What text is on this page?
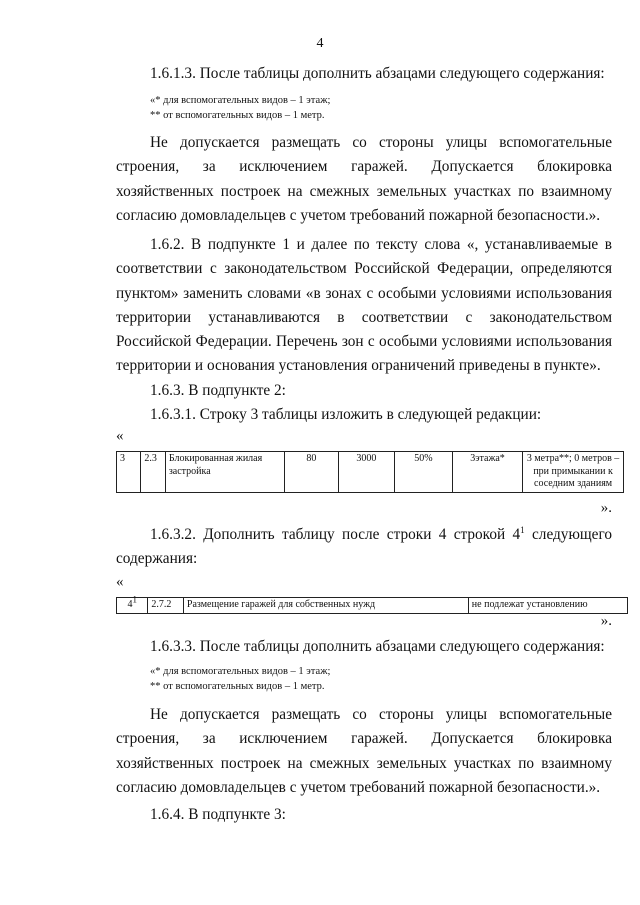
4

1.6.1.3. После таблицы дополнить абзацами следующего содержания:

«* для вспомогательных видов – 1 этаж;
** от вспомогательных видов – 1 метр.

Не допускается размещать со стороны улицы вспомогательные строения, за исключением гаражей. Допускается блокировка хозяйственных построек на смежных земельных участках по взаимному согласию домовладельцев с учетом требований пожарной безопасности.».

1.6.2. В подпункте 1 и далее по тексту слова «, устанавливаемые в соответствии с законодательством Российской Федерации, определяются пунктом» заменить словами «в зонах с особыми условиями использования территории устанавливаются в соответствии с законодательством Российской Федерации. Перечень зон с особыми условиями использования территории и основания установления ограничений приведены в пункте».

1.6.3. В подпункте 2:

1.6.3.1. Строку 3 таблицы изложить в следующей редакции:

«
3	2.3	Блокированная жилая застройка	80	3000	50%	3этажа*	3 метра**; 0 метров – при примыкании к соседним зданиям
».

1.6.3.2. Дополнить таблицу после строки 4 строкой $4^1$ следующего

содержания:

«
$4^1$	2.7.2	Размещение гаражей для собственных нужд	не подлежат установлению
».

1.6.3.3. После таблицы дополнить абзацами следующего содержания:

«* для вспомогательных видов – 1 этаж;
** от вспомогательных видов – 1 метр.

Не допускается размещать со стороны улицы вспомогательные строения, за исключением гаражей. Допускается блокировка хозяйственных построек на смежных земельных участках по взаимному согласию домовладельцев с учетом требований пожарной безопасности.».

1.6.4. В подпункте 3:
